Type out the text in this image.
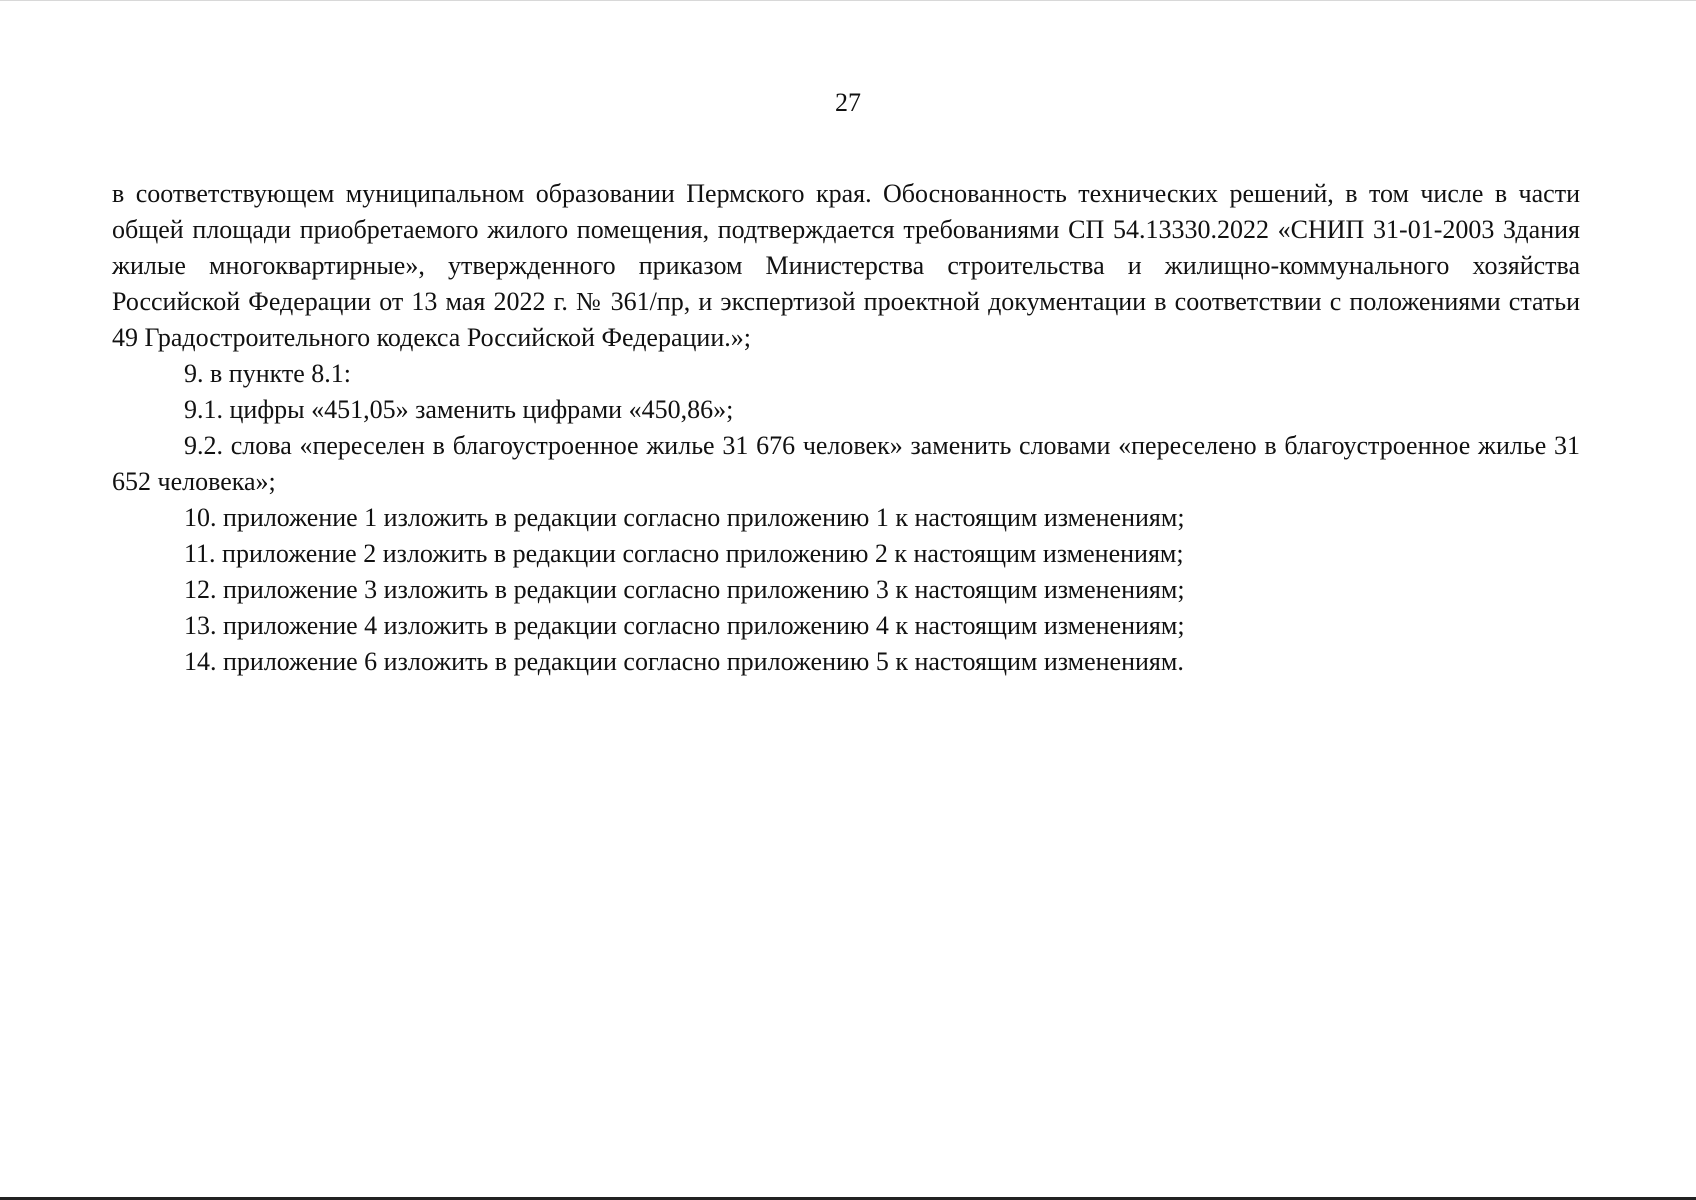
27

в соответствующем муниципальном образовании Пермского края. Обоснованность технических решений, в том числе в части общей площади приобретаемого жилого помещения, подтверждается требованиями СП 54.13330.2022 «СНИП 31-01-2003 Здания жилые многоквартирные», утвержденного приказом Министерства строительства и жилищно-коммунального хозяйства Российской Федерации от 13 мая 2022 г. № 361/пр, и экспертизой проектной документации в соответствии с положениями статьи 49 Градостроительного кодекса Российской Федерации.»;

9. в пункте 8.1:

9.1. цифры «451,05» заменить цифрами «450,86»;

9.2. слова «переселен в благоустроенное жилье 31 676 человек» заменить словами «переселено в благоустроенное жилье 31 652 человека»;

10. приложение 1 изложить в редакции согласно приложению 1 к настоящим изменениям;

11. приложение 2 изложить в редакции согласно приложению 2 к настоящим изменениям;

12. приложение 3 изложить в редакции согласно приложению 3 к настоящим изменениям;

13. приложение 4 изложить в редакции согласно приложению 4 к настоящим изменениям;

14. приложение 6 изложить в редакции согласно приложению 5 к настоящим изменениям.
